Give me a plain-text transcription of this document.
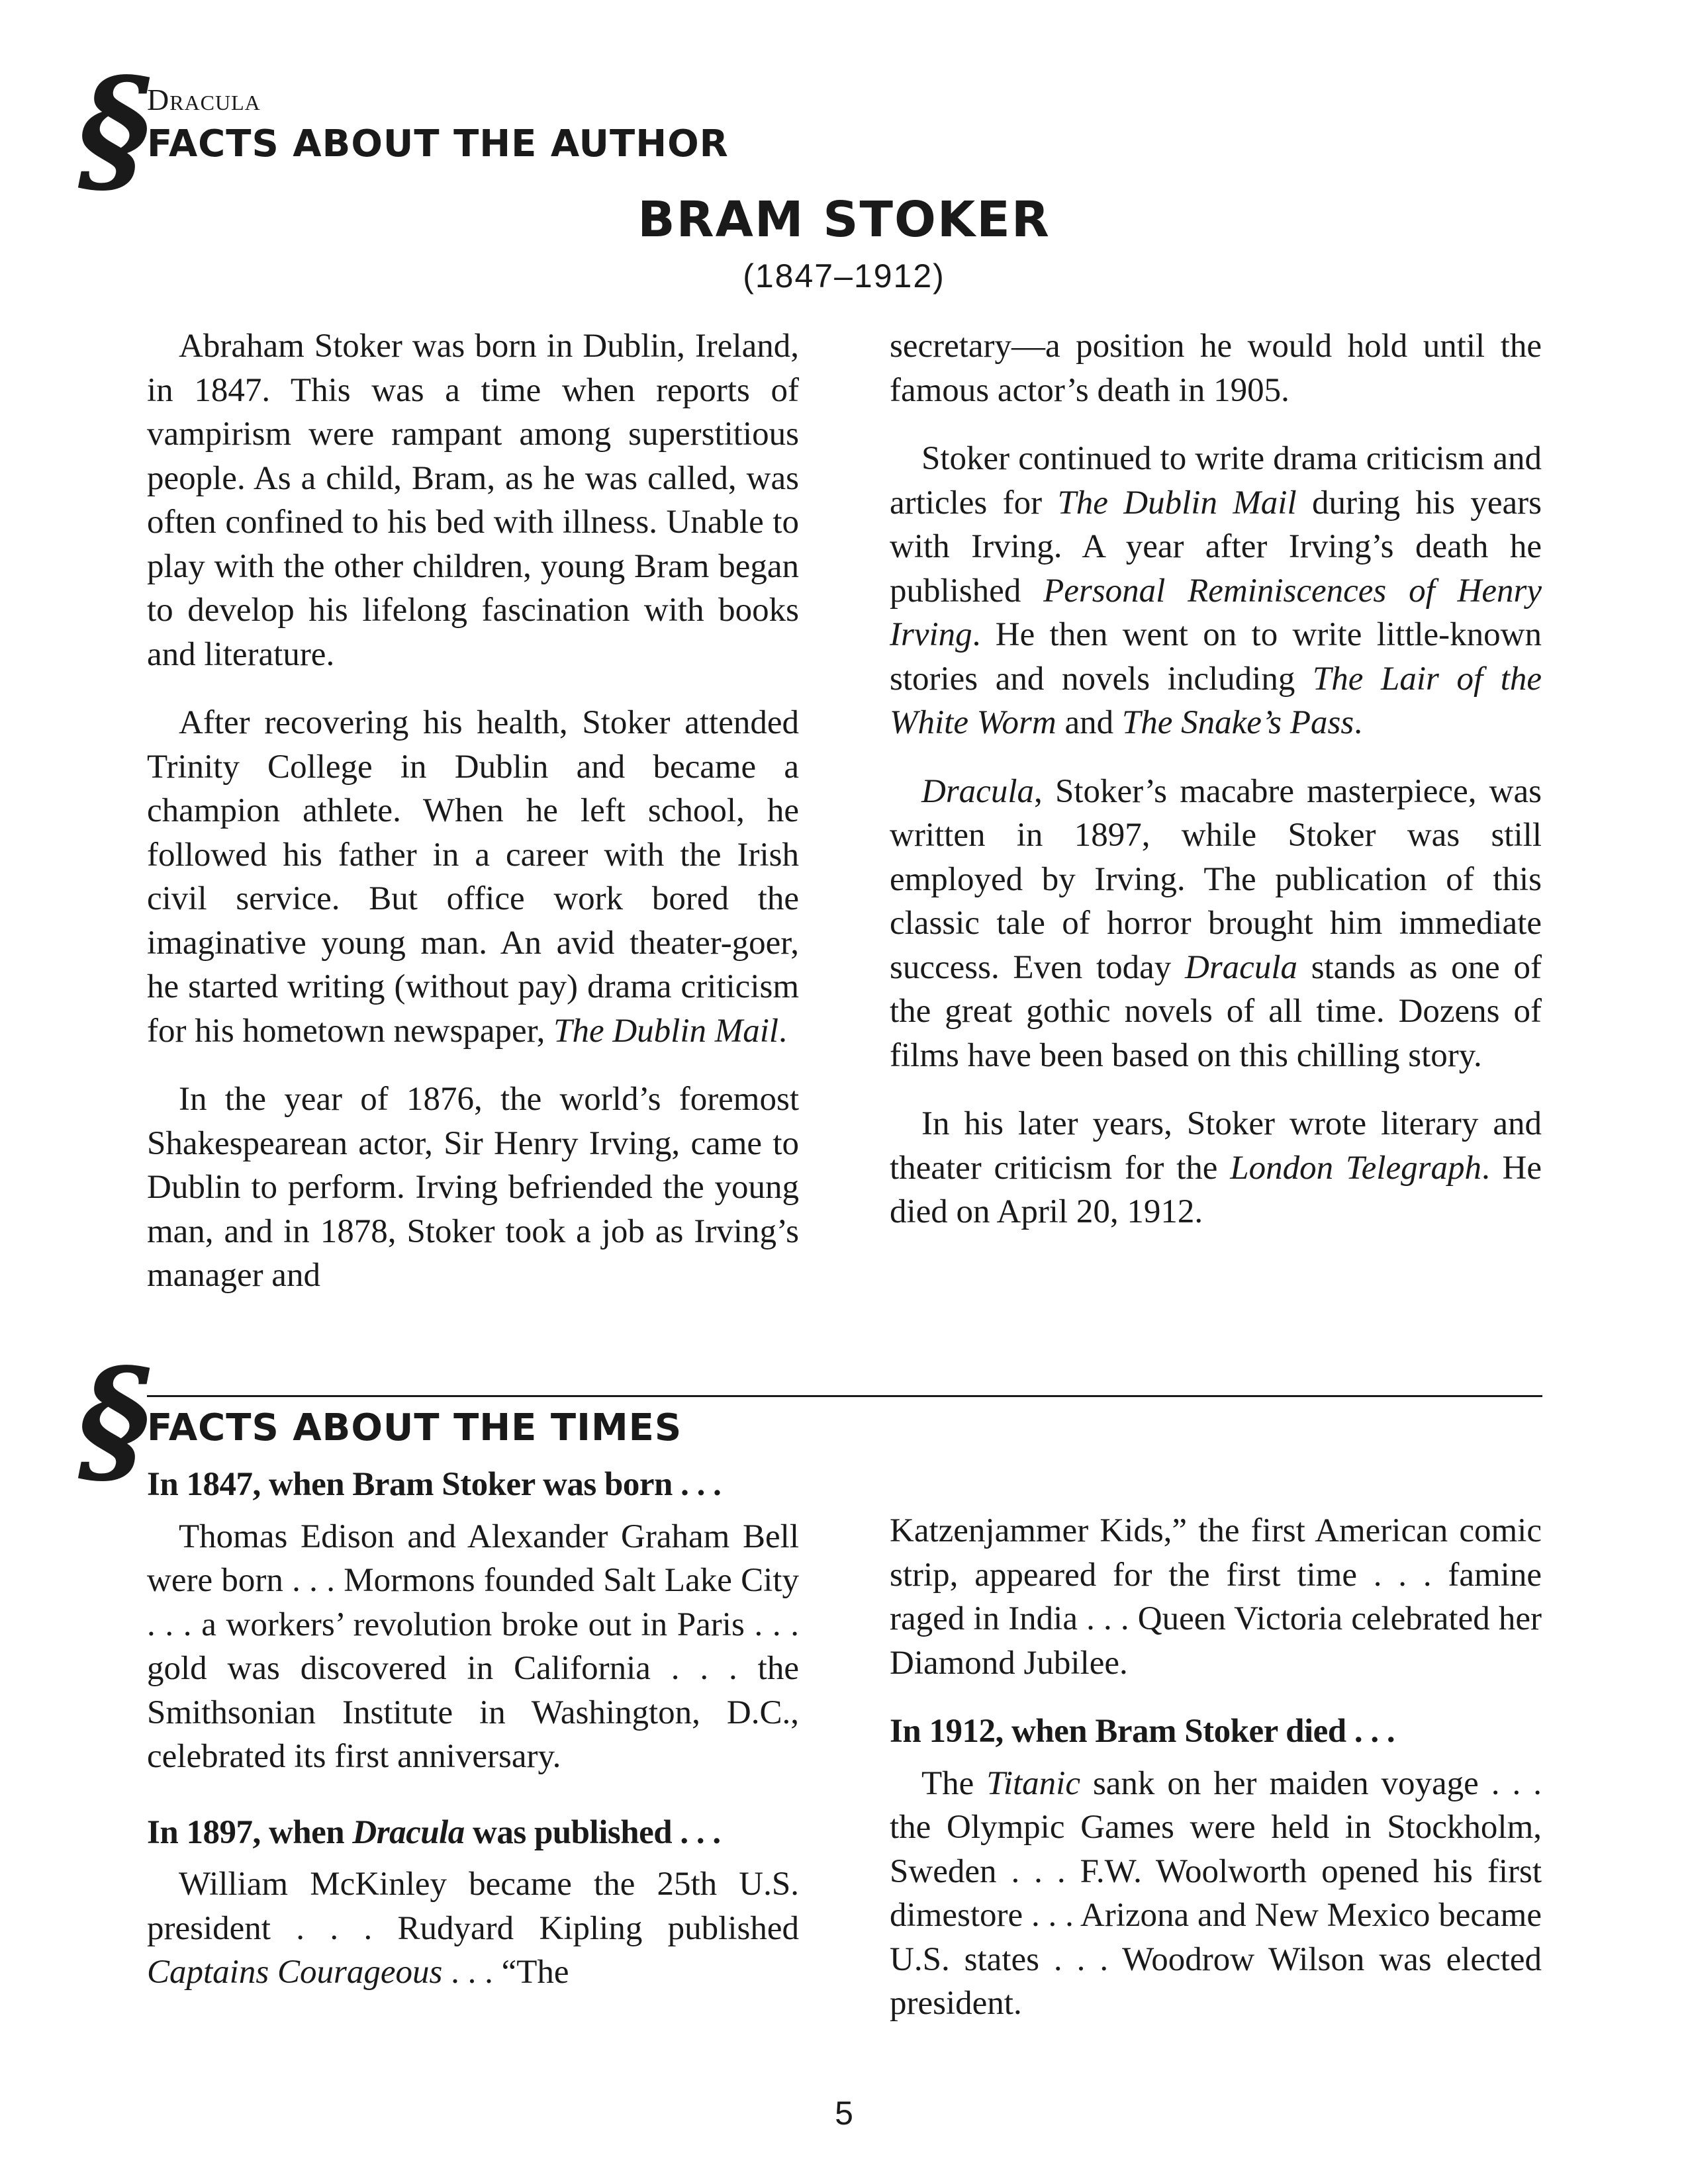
§
Dracula
FACTS ABOUT THE AUTHOR
BRAM STOKER
(1847–1912)

Abraham Stoker was born in Dublin, Ireland, in 1847. This was a time when reports of vampirism were rampant among superstitious people. As a child, Bram, as he was called, was often confined to his bed with illness. Unable to play with the other children, young Bram began to develop his lifelong fascination with books and literature.

After recovering his health, Stoker attended Trinity College in Dublin and became a champion athlete. When he left school, he followed his father in a career with the Irish civil service. But office work bored the imaginative young man. An avid theater-goer, he started writing (without pay) drama criticism for his hometown newspaper, The Dublin Mail.

In the year of 1876, the world’s foremost Shakespearean actor, Sir Henry Irving, came to Dublin to perform. Irving befriended the young man, and in 1878, Stoker took a job as Irving’s manager and

secretary—a position he would hold until the famous actor’s death in 1905.

Stoker continued to write drama criticism and articles for The Dublin Mail during his years with Irving. A year after Irving’s death he published Personal Reminiscences of Henry Irving. He then went on to write little-known stories and novels including The Lair of the White Worm and The Snake’s Pass.

Dracula, Stoker’s macabre masterpiece, was written in 1897, while Stoker was still employed by Irving. The publication of this classic tale of horror brought him immediate success. Even today Dracula stands as one of the great gothic novels of all time. Dozens of films have been based on this chilling story.

In his later years, Stoker wrote literary and theater criticism for the London Telegraph. He died on April 20, 1912.

§
FACTS ABOUT THE TIMES
In 1847, when Bram Stoker was born . . .

Thomas Edison and Alexander Graham Bell were born . . . Mormons founded Salt Lake City . . . a workers’ revolution broke out in Paris . . . gold was discovered in California . . . the Smithsonian Institute in Washington, D.C., celebrated its first anniversary.

In 1897, when Dracula was published . . .

William McKinley became the 25th U.S. president . . . Rudyard Kipling published Captains Courageous . . . “The

Katzenjammer Kids,” the first American comic strip, appeared for the first time . . . famine raged in India . . . Queen Victoria celebrated her Diamond Jubilee.

In 1912, when Bram Stoker died . . .

The Titanic sank on her maiden voyage . . . the Olympic Games were held in Stockholm, Sweden . . . F.W. Woolworth opened his first dimestore . . . Arizona and New Mexico became U.S. states . . . Woodrow Wilson was elected president.

5
